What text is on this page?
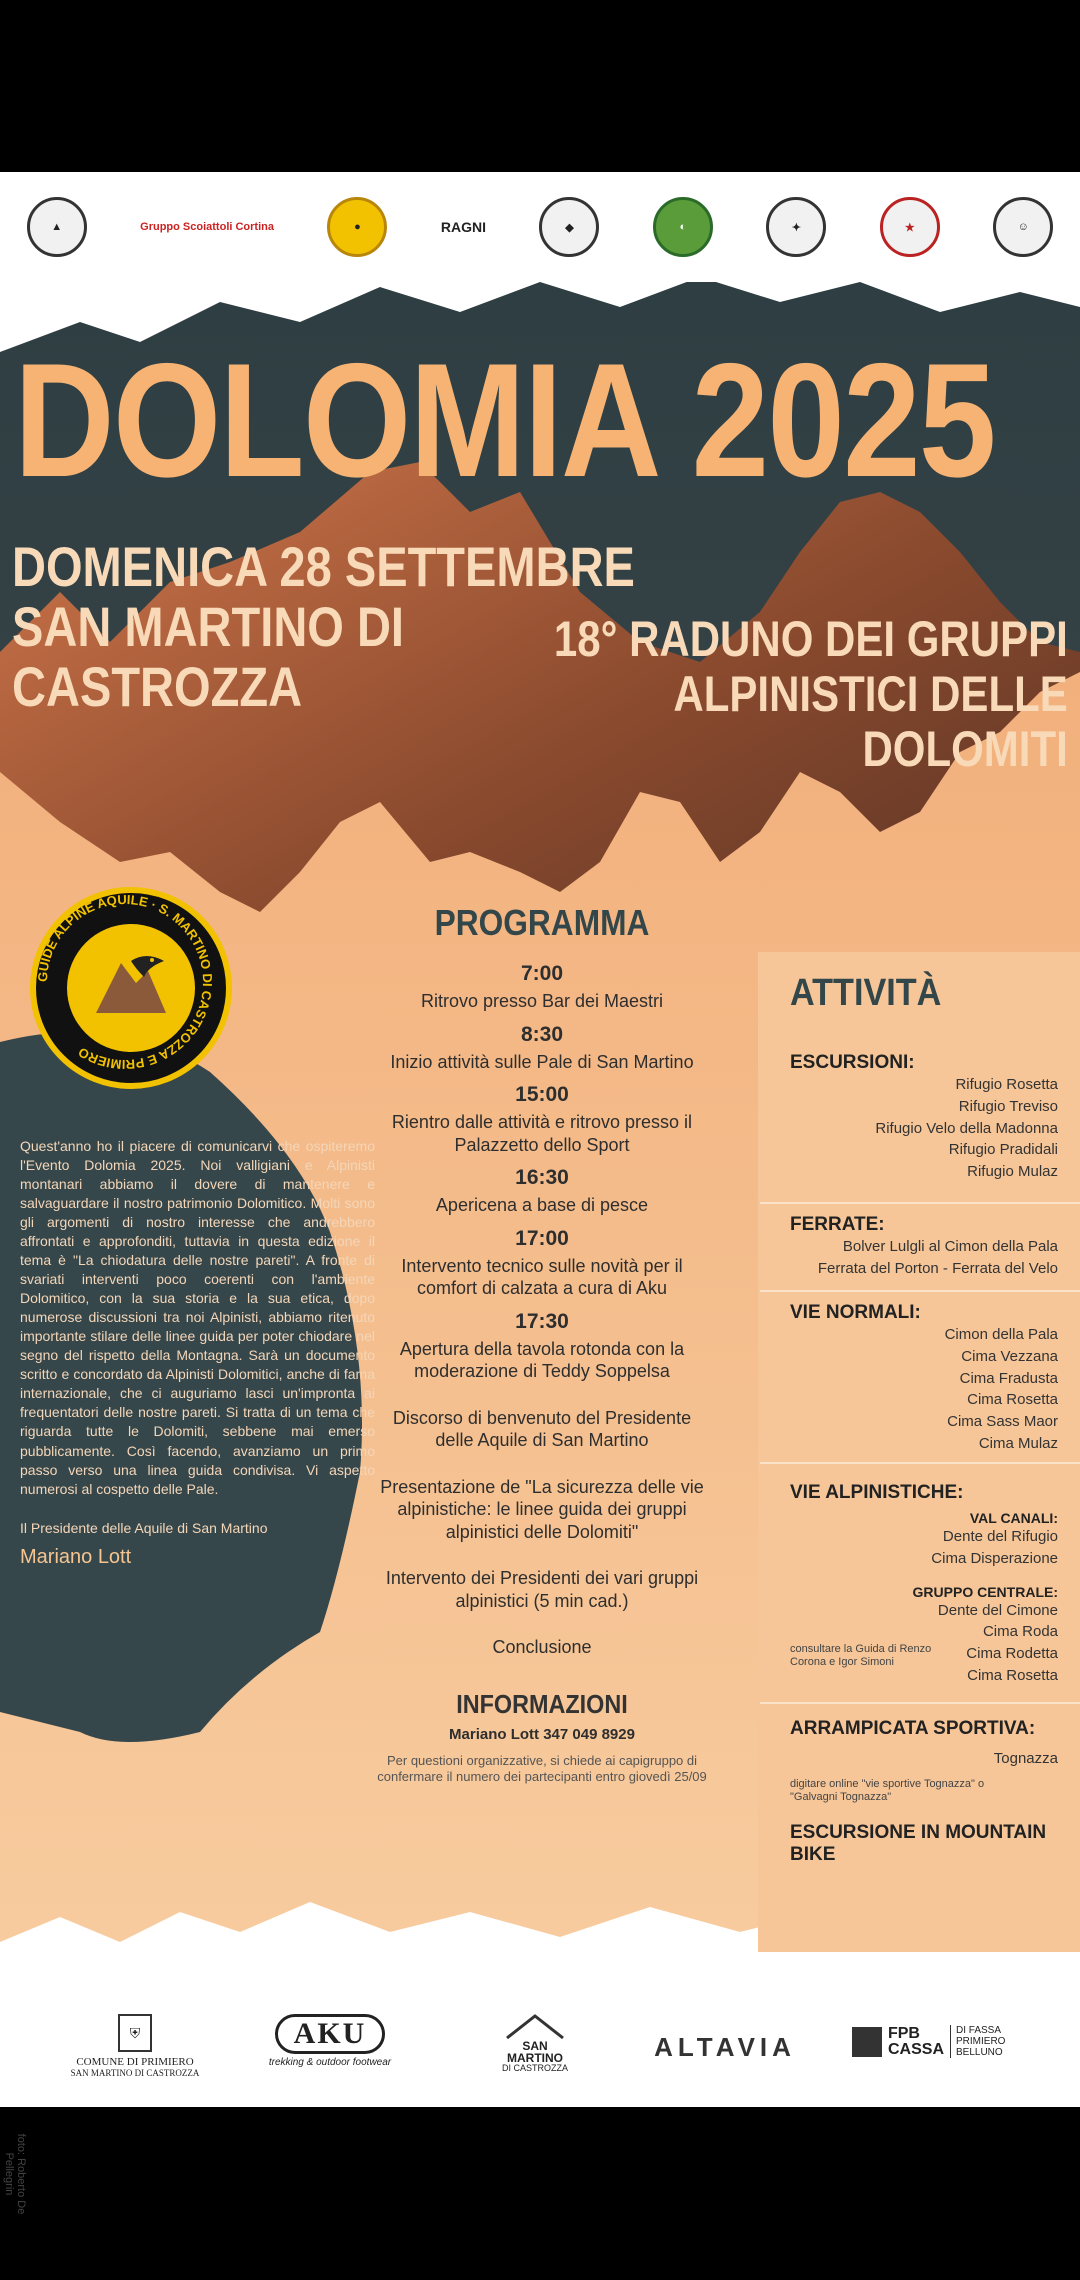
▲	Gruppo Scoiattoli Cortina	●	RAGNI	◆	◐	✦	★	☺
DOLOMIA 2025
DOMENICA 28 SETTEMBRE
SAN MARTINO DI
CASTROZZA
18° RADUNO DEI GRUPPI
ALPINISTICI DELLE
DOLOMITI
GUIDE ALPINE AQUILE · S. MARTINO DI CASTROZZA E PRIMIERO
Quest'anno ho il piacere di comunicarvi che ospiteremo l'Evento Dolomia 2025. Noi valligiani e Alpinisti montanari abbiamo il dovere di mantenere e salvaguardare il nostro patrimonio Dolomitico. Molti sono gli argomenti di nostro interesse che andrebbero affrontati e approfonditi, tuttavia in questa edizione il tema è "La chiodatura delle nostre pareti". A fronte di svariati interventi poco coerenti con l'ambiente Dolomitico, con la sua storia e la sua etica, dopo numerose discussioni tra noi Alpinisti, abbiamo ritenuto importante stilare delle linee guida per poter chiodare nel segno del rispetto della Montagna. Sarà un documento scritto e concordato da Alpinisti Dolomitici, anche di fama internazionale, che ci auguriamo lasci un'impronta ai frequentatori delle nostre pareti. Si tratta di un tema che riguarda tutte le Dolomiti, sebbene mai emerso pubblicamente. Così facendo, avanziamo un primo passo verso una linea guida condivisa. Vi aspetto numerosi al cospetto delle Pale.
Il Presidente delle Aquile di San Martino
Mariano Lott
PROGRAMMA
7:00
Ritrovo presso Bar dei Maestri
8:30
Inizio attività sulle Pale di San Martino
15:00
Rientro dalle attività e ritrovo presso il Palazzetto dello Sport
16:30
Apericena a base di pesce
17:00
Intervento tecnico sulle novità per il comfort di calzata a cura di Aku
17:30
Apertura della tavola rotonda con la moderazione di Teddy Soppelsa
Discorso di benvenuto del Presidente delle Aquile di San Martino
Presentazione de "La sicurezza delle vie alpinistiche: le linee guida dei gruppi alpinistici delle Dolomiti"
Intervento dei Presidenti dei vari gruppi alpinistici (5 min cad.)
Conclusione
INFORMAZIONI
Mariano Lott 347 049 8929
Per questioni organizzative, si chiede ai capigruppo di confermare il numero dei partecipanti entro giovedì 25/09
ATTIVITÀ
ESCURSIONI:
Rifugio Rosetta
Rifugio Treviso
Rifugio Velo della Madonna
Rifugio Pradidali
Rifugio Mulaz
FERRATE:
Bolver Lulgli al Cimon della Pala
Ferrata del Porton - Ferrata del Velo
VIE NORMALI:
Cimon della Pala
Cima Vezzana
Cima Fradusta
Cima Rosetta
Cima Sass Maor
Cima Mulaz
VIE ALPINISTICHE:
VAL CANALI:
Dente del Rifugio
Cima Disperazione
GRUPPO CENTRALE:
Dente del Cimone
Cima Roda
Cima Rodetta
Cima Rosetta
consultare la Guida di Renzo Corona e Igor Simoni
ARRAMPICATA SPORTIVA:
Tognazza
digitare online "vie sportive Tognazza" o "Galvagni Tognazza"
ESCURSIONE IN MOUNTAIN BIKE
foto: Roberto De Pellegrin
⛨
COMUNE DI PRIMIERO
SAN MARTINO DI CASTROZZA
AKU
trekking & outdoor footwear
SAN
MARTINO
DI CASTROZZA
ALTAVIA	FPB
CASSA
DI FASSA PRIMIERO BELLUNO
